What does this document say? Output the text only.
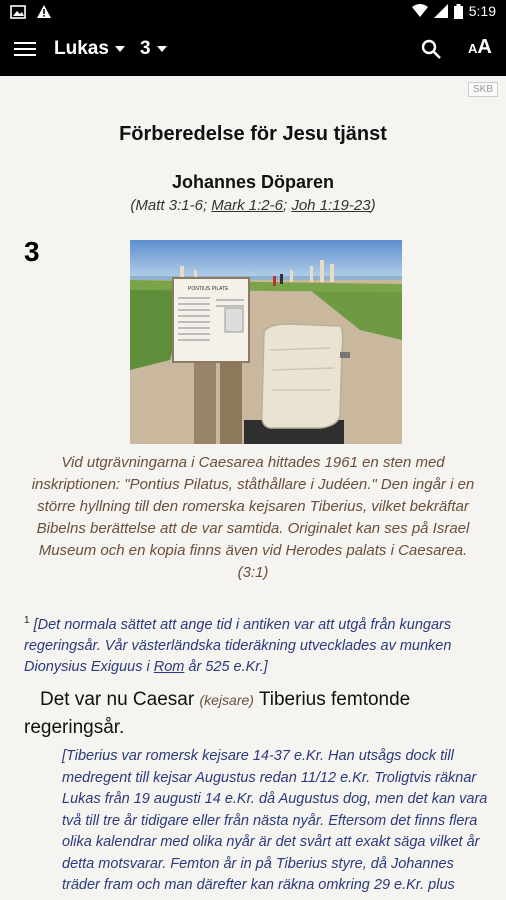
5:19
Lukas 3	AA
SKB
Förberedelse för Jesu tjänst
Johannes Döparen
(Matt 3:1-6; Mark 1:2-6; Joh 1:19-23)
3
PONTIUS PILATE
Vid utgrävningarna i Caesarea hittades 1961 en sten med inskriptionen: "Pontius Pilatus, ståthållare i Judéen." Den ingår i en större hyllning till den romerska kejsaren Tiberius, vilket bekräftar Bibelns berättelse att de var samtida. Originalet kan ses på Israel Museum och en kopia finns även vid Herodes palats i Caesarea. (3:1)
$^1$ [Det normala sättet att ange tid i antiken var att utgå från kungars regeringsår. Vår västerländska tideräkning utvecklades av munken Dionysius Exiguus i Rom år 525 e.Kr.]
Det var nu Caesar (kejsare) Tiberius femtonde regeringsår.
[Tiberius var romersk kejsare 14-37 e.Kr. Han utsågs dock till medregent till kejsar Augustus redan 11/12 e.Kr. Troligtvis räknar Lukas från 19 augusti 14 e.Kr. då Augustus dog, men det kan vara två till tre år tidigare eller från nästa nyår. Eftersom det finns flera olika kalendrar med olika nyår är det svårt att exakt säga vilket år detta motsvarar. Femton år in på Tiberius styre, då Johannes träder fram och man därefter kan räkna omkring 29 e.Kr. plus
